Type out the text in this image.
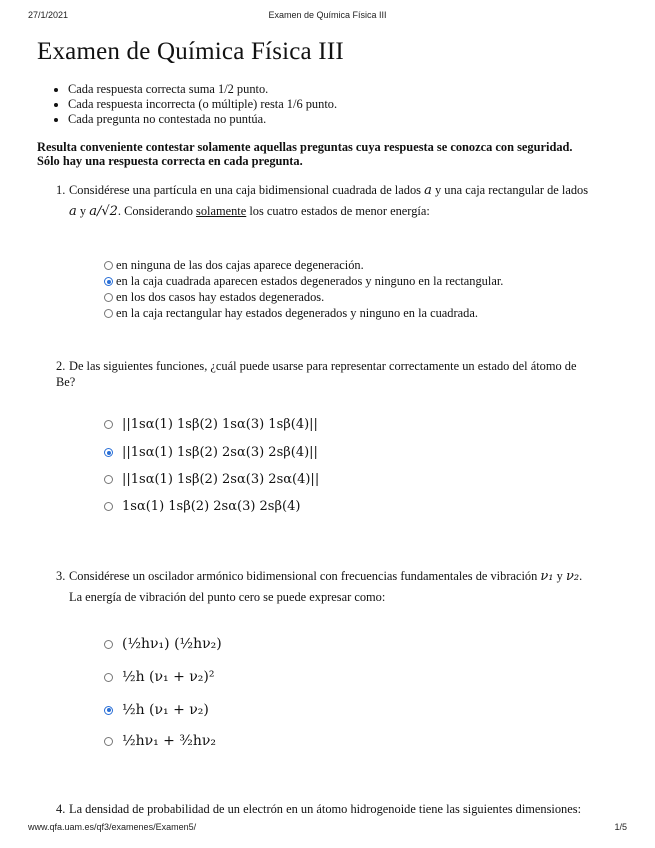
27/1/2021	Examen de Química Física III
Examen de Química Física III
• Cada respuesta correcta suma 1/2 punto.
• Cada respuesta incorrecta (o múltiple) resta 1/6 punto.
• Cada pregunta no contestada no puntúa.

Resulta conveniente contestar solamente aquellas preguntas cuya respuesta se conozca con seguridad.
Sólo hay una respuesta correcta en cada pregunta.

1. Considérese una partícula en una caja bidimensional cuadrada de lados a y una caja rectangular de lados
a y a/√2. Considerando solamente los cuatro estados de menor energía:
en ninguna de las dos cajas aparece degeneración.
en la caja cuadrada aparecen estados degenerados y ninguno en la rectangular.
en los dos casos hay estados degenerados.
en la caja rectangular hay estados degenerados y ninguno en la cuadrada.
2. De las siguientes funciones, ¿cuál puede usarse para representar correctamente un estado del átomo de
Be?
||1sα(1) 1sβ(2) 1sα(3) 1sβ(4)||
||1sα(1) 1sβ(2) 2sα(3) 2sβ(4)||
||1sα(1) 1sβ(2) 2sα(3) 2sα(4)||
1sα(1) 1sβ(2) 2sα(3) 2sβ(4)
3. Considérese un oscilador armónico bidimensional con frecuencias fundamentales de vibración ν₁ y ν₂.
La energía de vibración del punto cero se puede expresar como:
(½hν₁) (½hν₂)
½h (ν₁ + ν₂)²
½h (ν₁ + ν₂)
½hν₁ + ³⁄₂hν₂
4. La densidad de probabilidad de un electrón en un átomo hidrogenoide tiene las siguientes dimensiones:
www.qfa.uam.es/qf3/examenes/Examen5/	1/5
